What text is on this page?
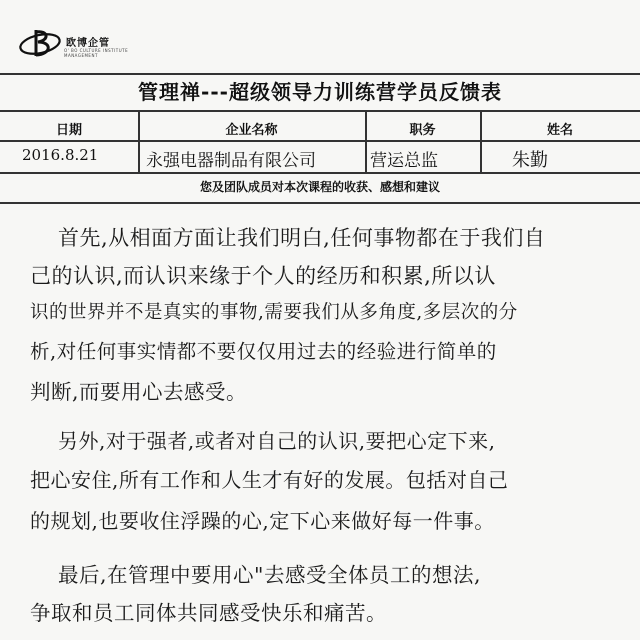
欧博企管
O' BO CULTURE INSTITUTE MANAGEMENT
管理禅---超级领导力训练营学员反馈表
日期	企业名称	职务	姓名
2016.8.21	永强电器制品有限公司	营运总监	朱勤
您及团队成员对本次课程的收获、感想和建议
首先,从相面方面让我们明白,任何事物都在于我们自
己的认识,而认识来缘于个人的经历和积累,所以认
识的世界并不是真实的事物,需要我们从多角度,多层次的分
析,对任何事实情都不要仅仅用过去的经验进行简单的
判断,而要用心去感受。
另外,对于强者,或者对自己的认识,要把心定下来,
把心安住,所有工作和人生才有好的发展。包括对自己
的规划,也要收住浮躁的心,定下心来做好每一件事。
最后,在管理中要用心"去感受全体员工的想法,
争取和员工同体共同感受快乐和痛苦。
